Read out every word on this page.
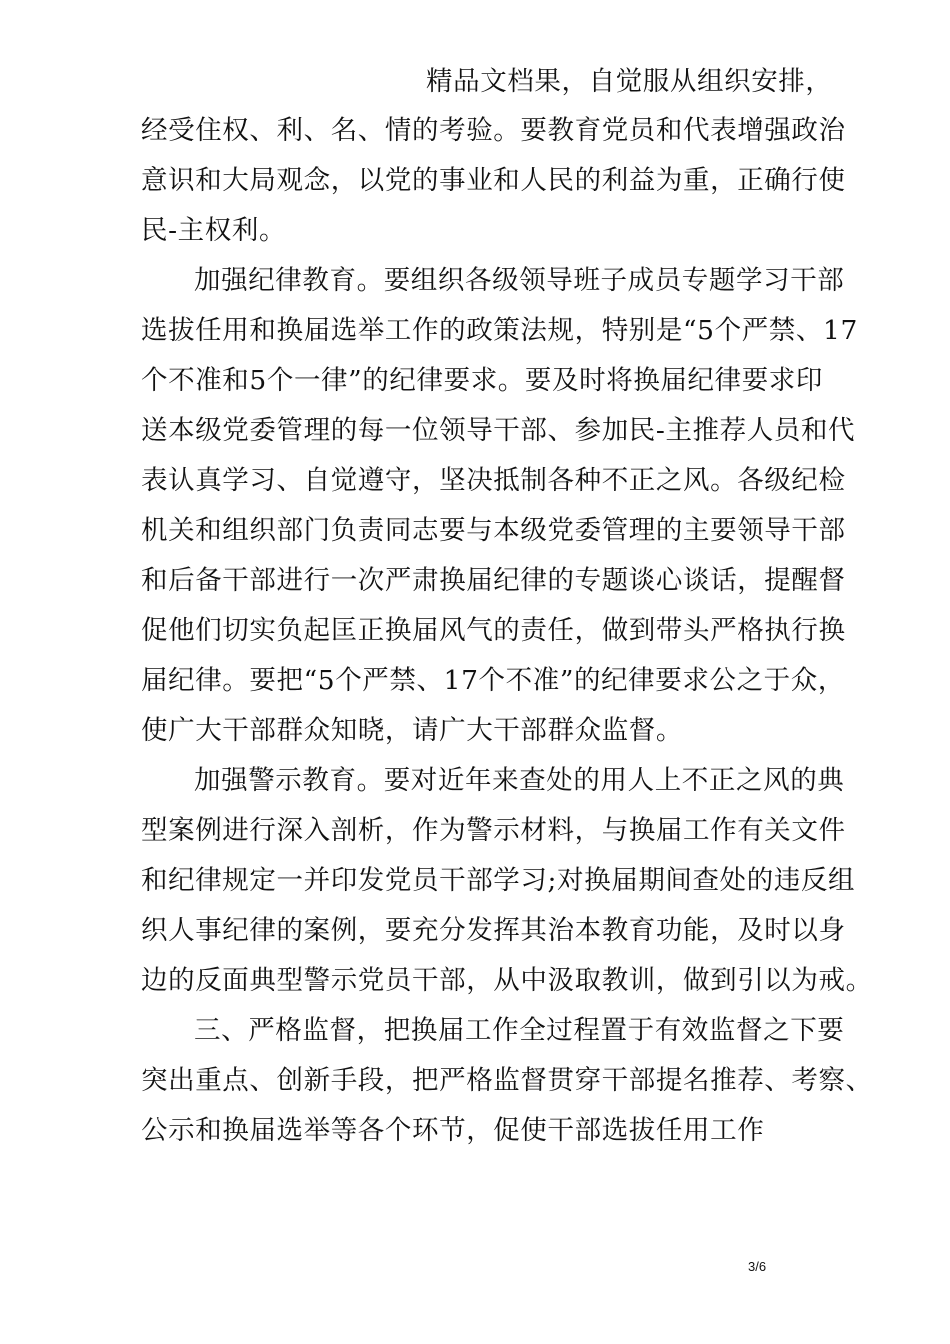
精品文档果，自觉服从组织安排，
经受住权、利、名、情的考验。要教育党员和代表增强政治
意识和大局观念，以党的事业和人民的利益为重，正确行使
民-主权利。
加强纪律教育。要组织各级领导班子成员专题学习干部
选拔任用和换届选举工作的政策法规，特别是“5个严禁、17
个不准和5个一律”的纪律要求。要及时将换届纪律要求印
送本级党委管理的每一位领导干部、参加民-主推荐人员和代
表认真学习、自觉遵守，坚决抵制各种不正之风。各级纪检
机关和组织部门负责同志要与本级党委管理的主要领导干部
和后备干部进行一次严肃换届纪律的专题谈心谈话，提醒督
促他们切实负起匡正换届风气的责任，做到带头严格执行换
届纪律。要把“5个严禁、17个不准”的纪律要求公之于众，
使广大干部群众知晓，请广大干部群众监督。
加强警示教育。要对近年来查处的用人上不正之风的典
型案例进行深入剖析，作为警示材料，与换届工作有关文件
和纪律规定一并印发党员干部学习;对换届期间查处的违反组
织人事纪律的案例，要充分发挥其治本教育功能，及时以身
边的反面典型警示党员干部，从中汲取教训，做到引以为戒。
三、严格监督，把换届工作全过程置于有效监督之下要
突出重点、创新手段，把严格监督贯穿干部提名推荐、考察、
公示和换届选举等各个环节，促使干部选拔任用工作
3/6
